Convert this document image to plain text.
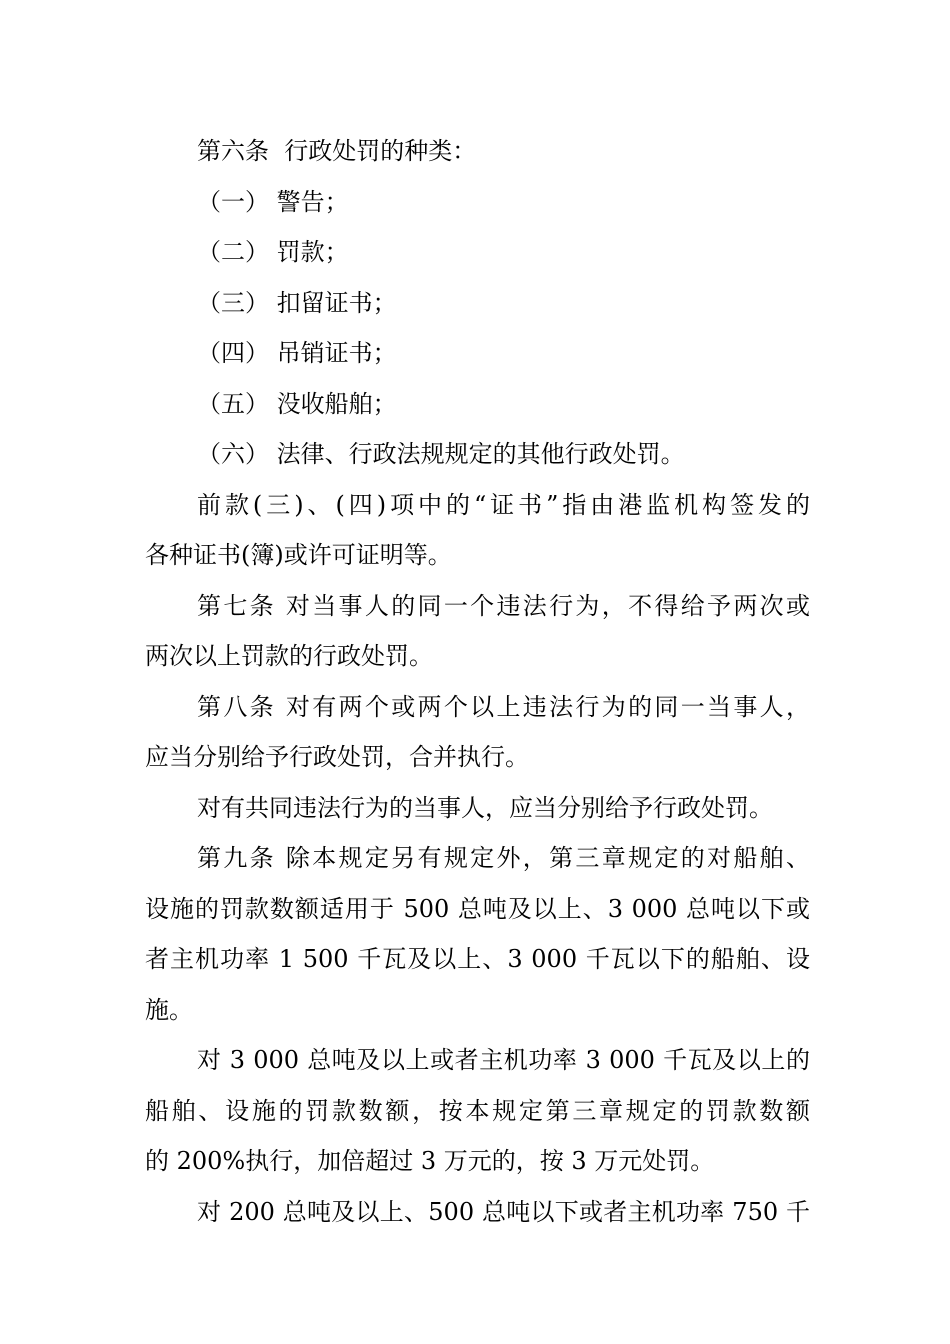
第六条  行政处罚的种类：
（一） 警告；
（二） 罚款；
（三） 扣留证书；
（四） 吊销证书；
（五） 没收船舶；
（六） 法律、行政法规规定的其他行政处罚。
前款(三)、(四)项中的“证书”指由港监机构签发的
各种证书(簿)或许可证明等。
第七条 对当事人的同一个违法行为，不得给予两次或
两次以上罚款的行政处罚。
第八条 对有两个或两个以上违法行为的同一当事人，
应当分别给予行政处罚，合并执行。
对有共同违法行为的当事人，应当分别给予行政处罚。
第九条 除本规定另有规定外，第三章规定的对船舶、
设施的罚款数额适用于 500 总吨及以上、3 000 总吨以下或
者主机功率 1 500 千瓦及以上、3 000 千瓦以下的船舶、设
施。
对 3 000 总吨及以上或者主机功率 3 000 千瓦及以上的
船舶、设施的罚款数额，按本规定第三章规定的罚款数额
的 200%执行，加倍超过 3 万元的，按 3 万元处罚。
对 200 总吨及以上、500 总吨以下或者主机功率 750 千
